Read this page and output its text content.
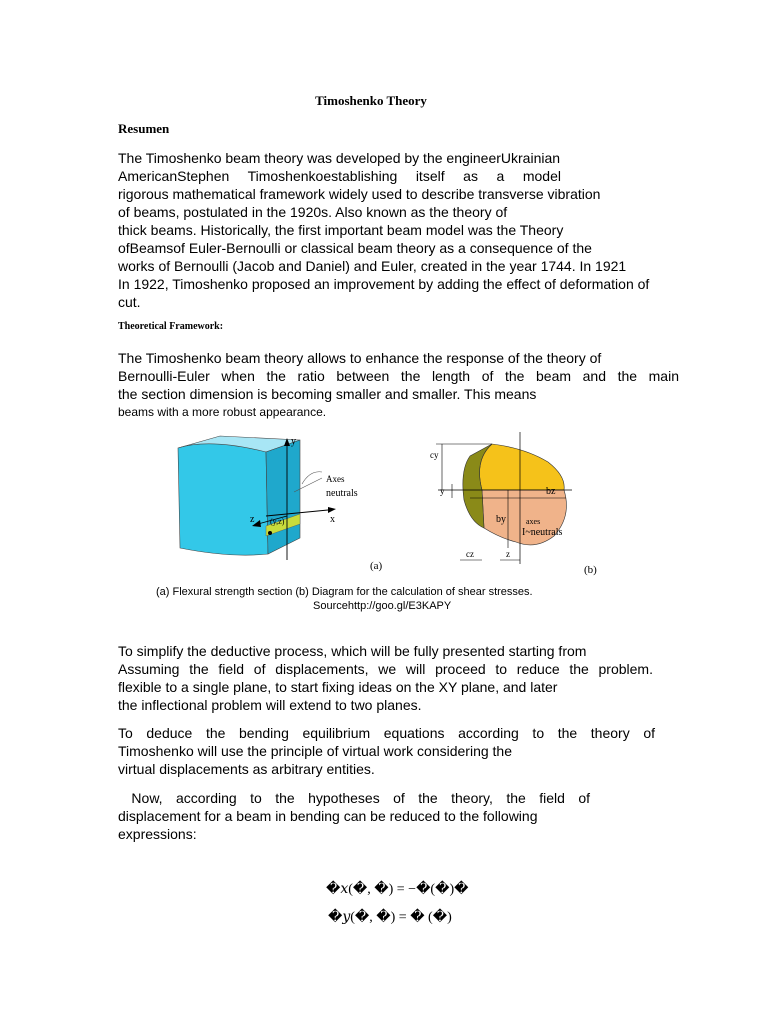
Timoshenko Theory
Resumen
The Timoshenko beam theory was developed by the engineerUkrainian
AmericanStephen Timoshenkoestablishing itself as a model
rigorous mathematical framework widely used to describe transverse vibration
of beams, postulated in the 1920s. Also known as the theory of
thick beams. Historically, the first important beam model was the Theory
ofBeamsof Euler-Bernoulli or classical beam theory as a consequence of the
works of Bernoulli (Jacob and Daniel) and Euler, created in the year 1744. In 1921
In 1922, Timoshenko proposed an improvement by adding the effect of deformation of
cut.
Theoretical Framework:
The Timoshenko beam theory allows to enhance the response of the theory of
Bernoulli-Euler when the ratio between the length of the beam and the main
the section dimension is becoming smaller and smaller. This means
beams with a more robust appearance.
y
x
z (y,z)
Axes
neutrals
(a)
cy
y	bz
by
z
cz
axes
I~neutrals
(b)
(a) Flexural strength section (b) Diagram for the calculation of shear stresses.
Sourcehttp://goo.gl/E3KAPY
To simplify the deductive process, which will be fully presented starting from
Assuming the field of displacements, we will proceed to reduce the problem.
flexible to a single plane, to start fixing ideas on the XY plane, and later
the inflectional problem will extend to two planes.
To deduce the bending equilibrium equations according to the theory of
Timoshenko will use the principle of virtual work considering the
virtual displacements as arbitrary entities.
Now, according to the hypotheses of the theory, the field of
displacement for a beam in bending can be reduced to the following
expressions:
�𝑥(�, �) = −�(�)�
�𝑦(�, �) = � (�)
